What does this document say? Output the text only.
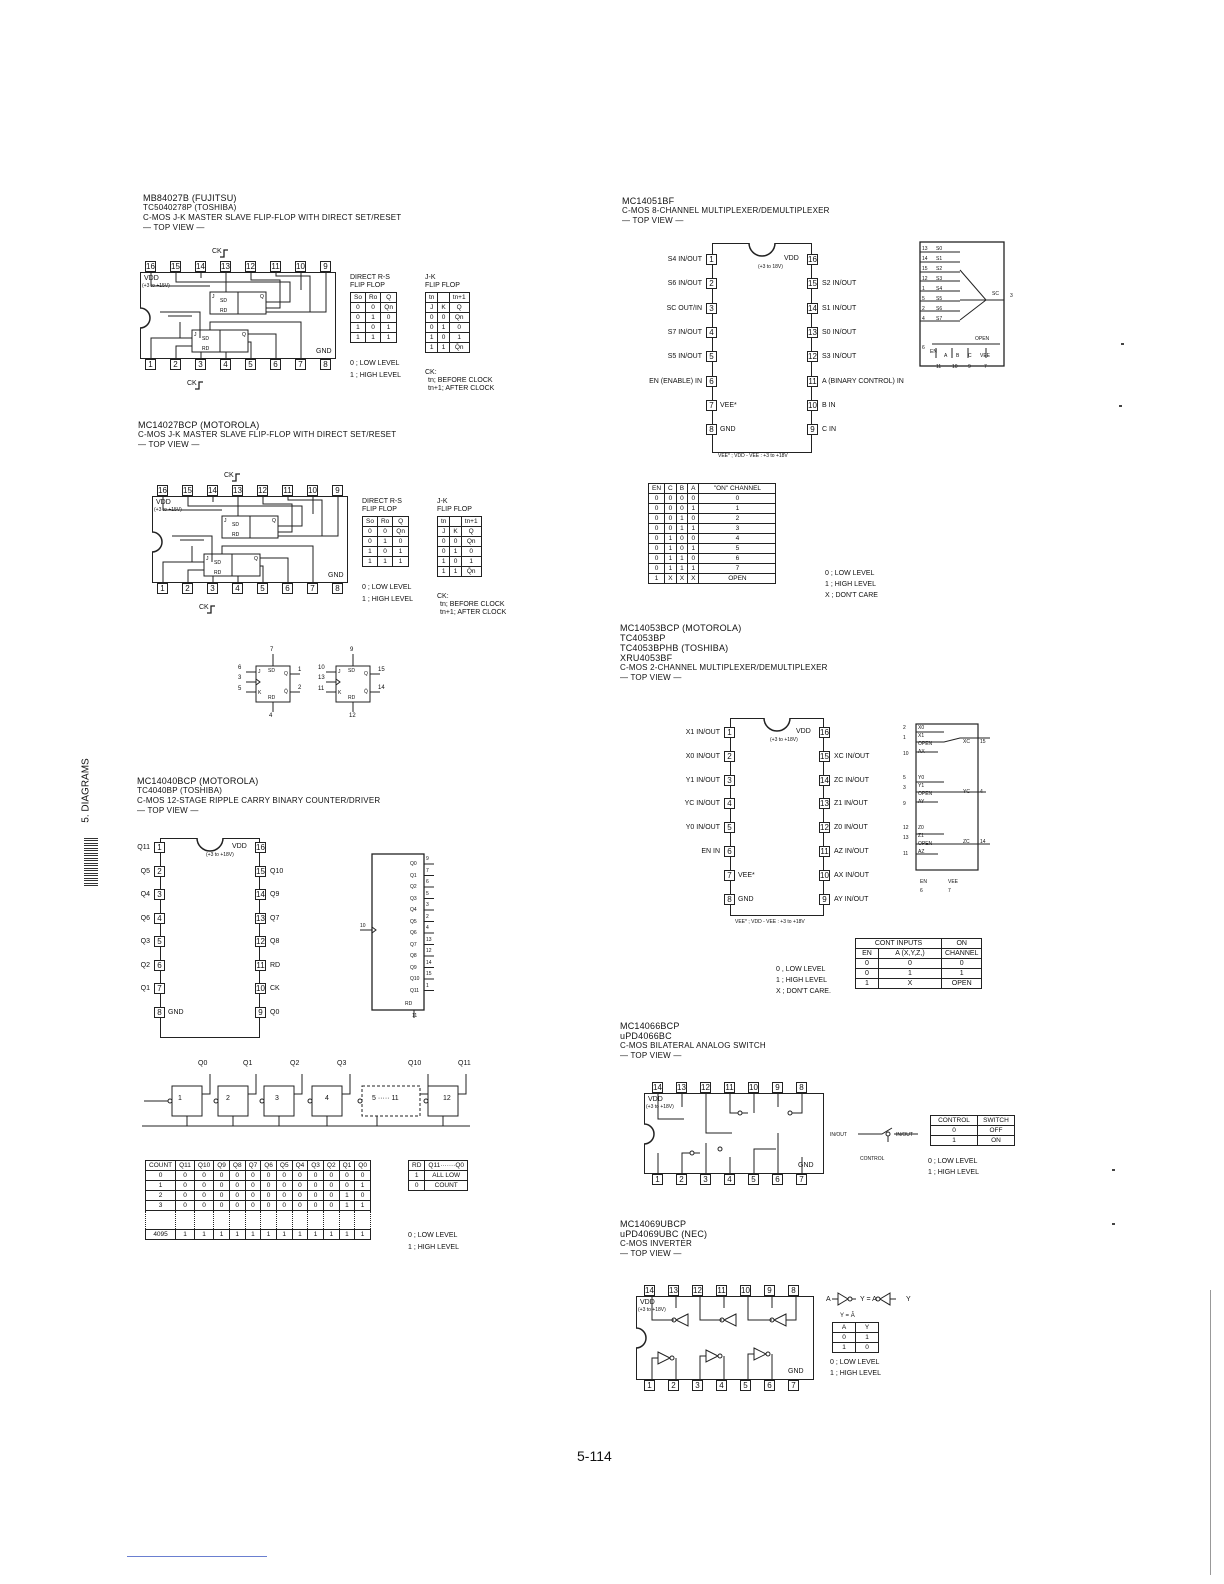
5. DIAGRAMS
MB84027B (FUJITSU)
TC5040278P (TOSHIBA)
C-MOS J-K MASTER SLAVE FLIP-FLOP WITH DIRECT SET/RESET
— TOP VIEW —
16 15 14 13 12 11 10	9
1	2	3	4	5	6	7	8
VDD
(+3 to +15V)
GND
CK
CK
SD
RD
J	Q
SD
RD
J	Q
DIRECT R-S
FLIP FLOP
So	Ro	Q
0	0	Qn
0	1	0
1	0	1
1	1	1
J-K
FLIP FLOP
tn		tn+1
J	K	Q
0	0	Qn
0	1	0
1	0	1
1	1	Q̄n
0 ; LOW LEVEL
1 ; HIGH LEVEL	CK:
tn; BEFORE CLOCK
tn+1; AFTER CLOCK
MC14027BCP (MOTOROLA)
C-MOS J-K MASTER SLAVE FLIP-FLOP WITH DIRECT SET/RESET
— TOP VIEW —
16 15 14 13 12 11 10	9
1	2	3	4	5	6	7	8
VDD
(+3 to +15V)
GND
CK
CK
SD
RD
J	Q
SD
RD
J	Q
DIRECT R-S
FLIP FLOP
So	Ro	Q
0	0	Qn
0	1	0
1	0	1
1	1	1
J-K
FLIP FLOP
tn		tn+1
J	K	Q
0	0	Qn
0	1	0
1	0	1
1	1	Q̄n
0 ; LOW LEVEL
1 ; HIGH LEVEL	CK:
tn; BEFORE CLOCK
tn+1; AFTER CLOCK
7
6
3
5
1
2
4
SD
J	Q
K
RD
Q̄
9
10
13
11
15
14
12
SD
J	Q
K
RD
Q̄
MC14040BCP (MOTOROLA)
TC4040BP (TOSHIBA)
C-MOS 12-STAGE RIPPLE CARRY BINARY COUNTER/DRIVER
— TOP VIEW —
1
Q11
2
Q5
3
Q4
4
Q6
5
Q3
6
Q2
7
Q1
8 GND
16
VDD
(+3 to +18V)
15 Q10
14 Q9
13 Q7
12 Q8
11 RD
10 CK
9	Q0
Q0
9
Q1
7
Q2
6
Q3
5
Q4
3
Q5
2
Q6
4
Q7
13
Q8
12
Q9
14
Q10
15
Q11
1
10
RD
11
Q0	Q1	Q2	Q3	Q10	Q11
1	2	3	4	5 ····· 11	12
COUNT	Q11	Q10	Q9	Q8	Q7	Q6	Q5	Q4	Q3	Q2	Q1	Q0
0	0	0	0	0	0	0	0	0	0	0	0	0
1	0	0	0	0	0	0	0	0	0	0	0	1
2	0	0	0	0	0	0	0	0	0	0	1	0
3	0	0	0	0	0	0	0	0	0	0	1	1

4095	1	1	1	1	1	1	1	1	1	1	1	1
RD	Q11·······Q0
1	ALL LOW
0	COUNT
0 ; LOW LEVEL
1 ; HIGH LEVEL
MC14051BF
C-MOS 8-CHANNEL MULTIPLEXER/DEMULTIPLEXER
— TOP VIEW —
1
S4 IN/OUT
2
S6 IN/OUT
3
SC OUT/IN
4
S7 IN/OUT
5
S5 IN/OUT
6
EN (ENABLE) IN
7 VEE*
8 GND
16
VDD
(+3 to 18V)
15 S2 IN/OUT
14 S1 IN/OUT
13 S0 IN/OUT
12 S3 IN/OUT
11 A (BINARY CONTROL) IN
10 B IN
9	C IN
VEE* ; VDD - VEE : +3 to +18V
13 S0
14 S1
15 S2
12 S3
1 S4
5 S5
2 S6
4 S7
11 10 9	7
A B C VEE
SC 3
OPEN
6
EN
EN	C	B	A	"ON" CHANNEL
0	0	0	0	0
0	0	0	1	1
0	0	1	0	2
0	0	1	1	3
0	1	0	0	4
0	1	0	1	5
0	1	1	0	6
0	1	1	1	7
1	X	X	X	OPEN
0 ; LOW LEVEL
1 ; HIGH LEVEL
X ; DON'T CARE
MC14053BCP (MOTOROLA)
TC4053BP
TC4053BPHB (TOSHIBA)
XRU4053BF
C-MOS 2-CHANNEL MULTIPLEXER/DEMULTIPLEXER
— TOP VIEW —
1
X1 IN/OUT
2
X0 IN/OUT
3
Y1 IN/OUT
4
YC IN/OUT
5
Y0 IN/OUT
6
EN IN
7 VEE*
8 GND
16
VDD
(+3 to +18V)
15 XC IN/OUT
14 ZC IN/OUT
13 Z1 IN/OUT
12 Z0 IN/OUT
11 AZ IN/OUT
10 AX IN/OUT
9	AY IN/OUT
VEE* ; VDD - VEE : +3 to +18V
2
1
10
X0
X1
OPEN
AX
XC 15
5
3
9
Y0
Y1
OPEN
AY
YC 4
12
13
11
Z0
Z1
OPEN
AZ
ZC 14
EN	VEE
6	7
CONT INPUTS		ON
EN	A (X,Y,Z,)	CHANNEL
0	0	0
0	1	1
1	X	OPEN
0 , LOW LEVEL
1 ; HIGH LEVEL
X ; DON'T CARE.
MC14066BCP
uPD4066BC
C-MOS BILATERAL ANALOG SWITCH
— TOP VIEW —
14 13 12 11 10	9	8
1	2	3	4	5	6	7
VDD
(+3 to +18V)
GND
IN/OUT	IN/OUT
CONTROL
CONTROL	SWITCH
0	OFF
1	ON
0 ; LOW LEVEL
1 ; HIGH LEVEL
MC14069UBCP
uPD4069UBC (NEC)
C-MOS INVERTER
— TOP VIEW —
14 13 12 11 10	9	8
1	2	3	4	5	6	7
VDD
(+3 to +18V)
GND
A	Y = A	Y
Y = Ā
A	Y
0	1
1	0
0 ; LOW LEVEL
1 ; HIGH LEVEL
5-114
